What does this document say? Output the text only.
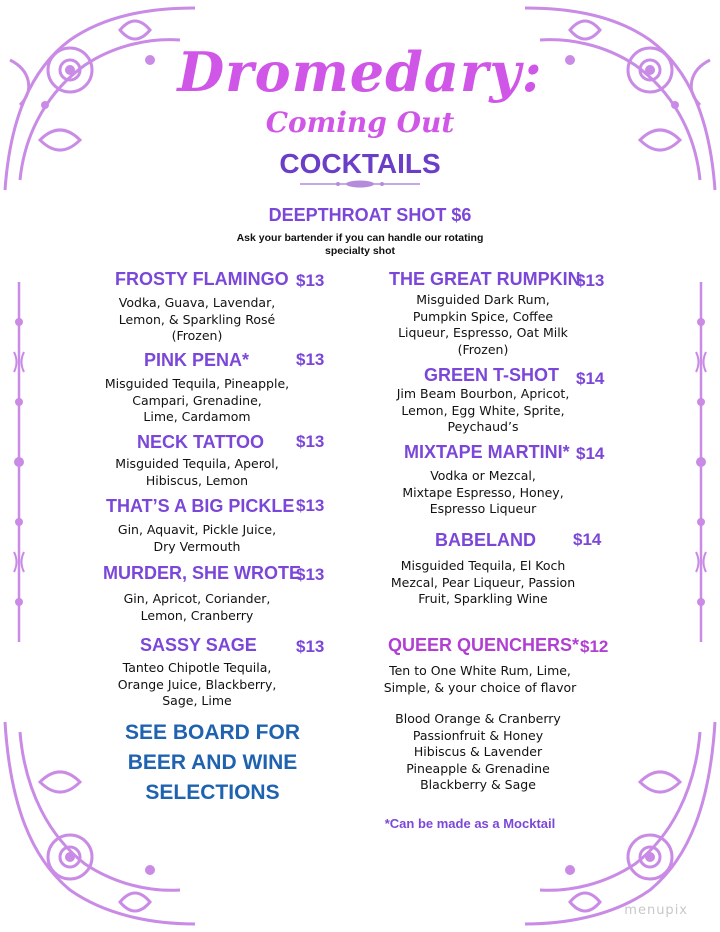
Dromedary:
Coming Out
COCKTAILS
DEEPTHROAT SHOT $6
Ask your bartender if you can handle our rotating
specialty shot
FROSTY FLAMINGO $13
Vodka, Guava, Lavendar,
Lemon, & Sparkling Rosé
(Frozen)
PINK PENA*	$13
Misguided Tequila, Pineapple,
Campari, Grenadine,
Lime, Cardamom
NECK TATTOO $13
Misguided Tequila, Aperol,
Hibiscus, Lemon
THAT’S A BIG PICKLE $13
Gin, Aquavit, Pickle Juice,
Dry Vermouth
MURDER, SHE WROTE
$13
Gin, Apricot, Coriander,
Lemon, Cranberry
SASSY SAGE $13
Tanteo Chipotle Tequila,
Orange Juice, Blackberry,
Sage, Lime
SEE BOARD FOR
BEER AND WINE
SELECTIONS
THE GREAT RUMPKIN
$13
Misguided Dark Rum,
Pumpkin Spice, Coffee
Liqueur, Espresso, Oat Milk
(Frozen)
GREEN T-SHOT $14
Jim Beam Bourbon, Apricot,
Lemon, Egg White, Sprite,
Peychaud’s
MIXTAPE MARTINI* $14
Vodka or Mezcal,
Mixtape Espresso, Honey,
Espresso Liqueur
BABELAND $14
Misguided Tequila, El Koch
Mezcal, Pear Liqueur, Passion
Fruit, Sparkling Wine
QUEER QUENCHERS* $12
Ten to One White Rum, Lime,
Simple, & your choice of flavor
Blood Orange & Cranberry
Passionfruit & Honey
Hibiscus & Lavender
Pineapple & Grenadine
Blackberry & Sage
*Can be made as a Mocktail
menupix
